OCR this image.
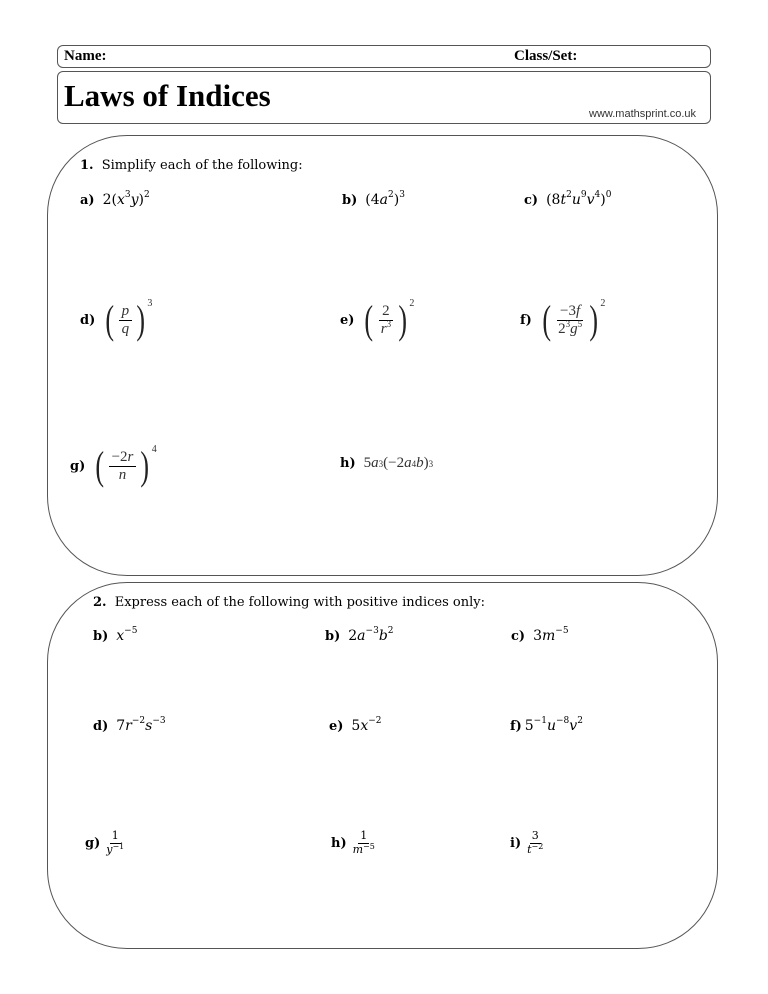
Name:	Class/Set:
Laws of Indices
www.mathsprint.co.uk
1. Simplify each of the following:
a) $2(x^3y)^2$	b) $(4a^2)^3$	c) $(8t^2u^9v^4)^0$
d) ( $\frac{p}{q}$ ) 3
e) ( $\frac{2}{r^3}$ ) 2
f) ( $\frac{-3f}{2^3g^5}$ ) 2
g) ( $\frac{-2r}{n}$ ) 4
h) 5 a 3 (−2 a 4 b ) 3
2. Express each of the following with positive indices only:
b) $x^{-5}$	b) $2a^{-3}b^2$	c) $3m^{-5}$
d) $7r^{-2}s^{-3}$	e) $5x^{-2}$	f) $5^{-1}u^{-8}v^2$
$g) \frac{1}{y^{-1}}$	$h) \frac{1}{m^{-5}}$	$i) \frac{3}{t^{-2}}$
